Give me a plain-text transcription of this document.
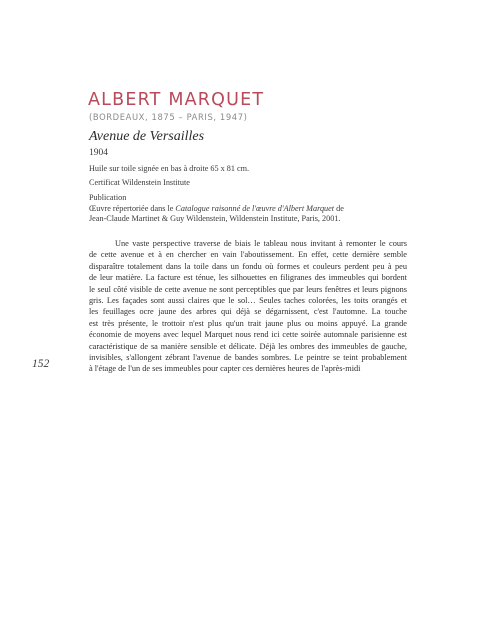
ALBERT MARQUET
(BORDEAUX, 1875 – PARIS, 1947)
Avenue de Versailles
1904
Huile sur toile signée en bas à droite 65 x 81 cm.
Certificat Wildenstein Institute
Publication
Œuvre répertoriée dans le Catalogue raisonné de l'œuvre d'Albert Marquet de
Jean-Claude Martinet & Guy Wildenstein, Wildenstein Institute, Paris, 2001.
Une vaste perspective traverse de biais le tableau nous invitant à remonter le cours
de cette avenue et à en chercher en vain l'aboutissement. En effet, cette dernière semble
disparaître totalement dans la toile dans un fondu où formes et couleurs perdent peu à peu
de leur matière. La facture est ténue, les silhouettes en filigranes des immeubles qui bordent
le seul côté visible de cette avenue ne sont perceptibles que par leurs fenêtres et leurs pignons
gris. Les façades sont aussi claires que le sol… Seules taches colorées, les toits orangés et
les feuillages ocre jaune des arbres qui déjà se dégarnissent, c'est l'automne. La touche
est très présente, le trottoir n'est plus qu'un trait jaune plus ou moins appuyé. La grande
économie de moyens avec lequel Marquet nous rend ici cette soirée automnale parisienne est
caractéristique de sa manière sensible et délicate. Déjà les ombres des immeubles de gauche,
invisibles, s'allongent zébrant l'avenue de bandes sombres. Le peintre se teint probablement
à l'étage de l'un de ses immeubles pour capter ces dernières heures de l'après-midi
152
